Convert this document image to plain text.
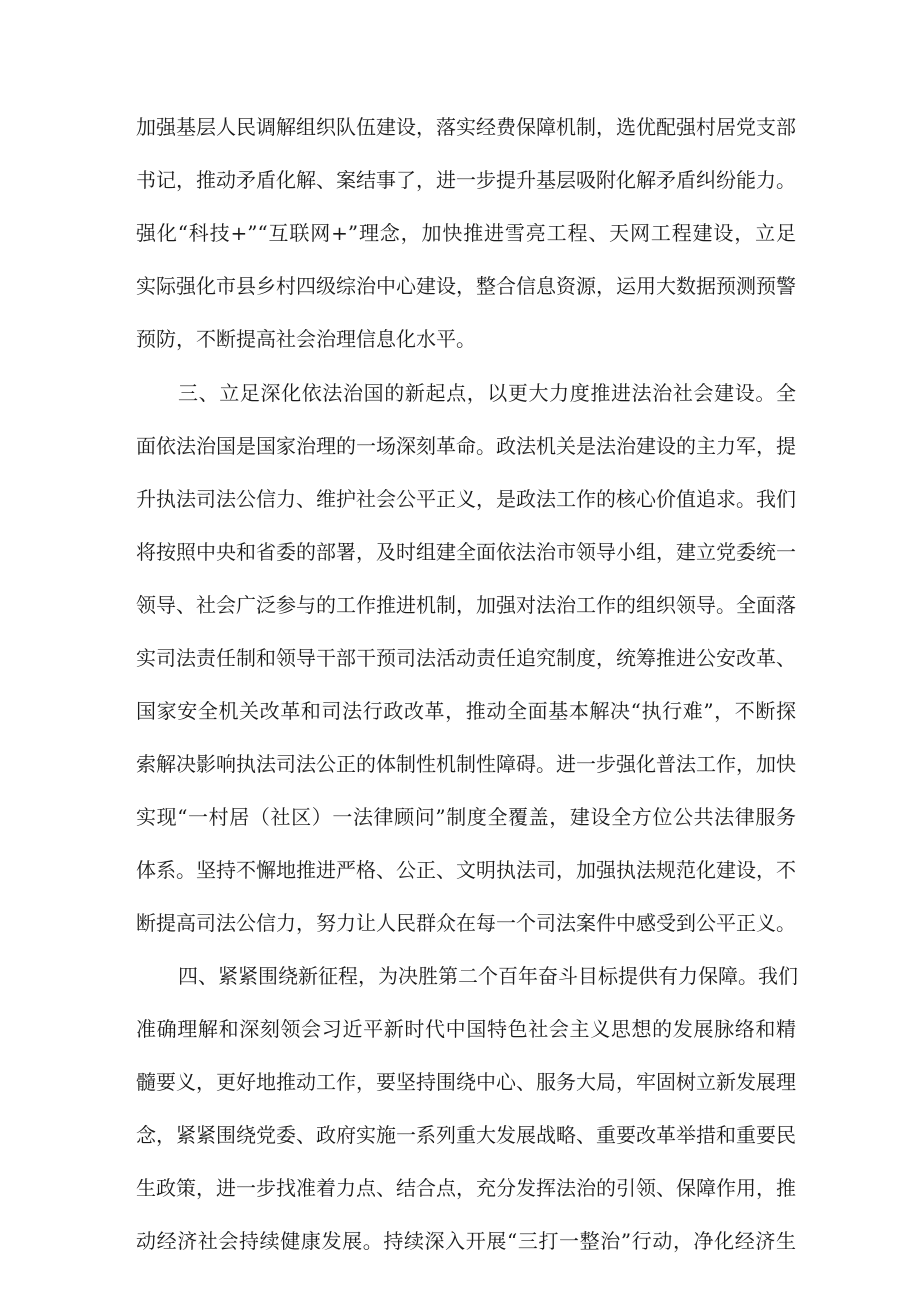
加强基层人民调解组织队伍建设，落实经费保障机制，选优配强村居党支部
书记，推动矛盾化解、案结事了，进一步提升基层吸附化解矛盾纠纷能力。
强化“科技+”“互联网+”理念，加快推进雪亮工程、天网工程建设，立足
实际强化市县乡村四级综治中心建设，整合信息资源，运用大数据预测预警
预防，不断提高社会治理信息化水平。
三、立足深化依法治国的新起点，以更大力度推进法治社会建设。全
面依法治国是国家治理的一场深刻革命。政法机关是法治建设的主力军，提
升执法司法公信力、维护社会公平正义，是政法工作的核心价值追求。我们
将按照中央和省委的部署，及时组建全面依法治市领导小组，建立党委统一
领导、社会广泛参与的工作推进机制，加强对法治工作的组织领导。全面落
实司法责任制和领导干部干预司法活动责任追究制度，统筹推进公安改革、
国家安全机关改革和司法行政改革，推动全面基本解决“执行难”，不断探
索解决影响执法司法公正的体制性机制性障碍。进一步强化普法工作，加快
实现“一村居（社区）一法律顾问”制度全覆盖，建设全方位公共法律服务
体系。坚持不懈地推进严格、公正、文明执法司，加强执法规范化建设，不
断提高司法公信力，努力让人民群众在每一个司法案件中感受到公平正义。
四、紧紧围绕新征程，为决胜第二个百年奋斗目标提供有力保障。我们
准确理解和深刻领会习近平新时代中国特色社会主义思想的发展脉络和精
髓要义，更好地推动工作，要坚持围绕中心、服务大局，牢固树立新发展理
念，紧紧围绕党委、政府实施一系列重大发展战略、重要改革举措和重要民
生政策，进一步找准着力点、结合点，充分发挥法治的引领、保障作用，推
动经济社会持续健康发展。持续深入开展“三打一整治”行动，净化经济生
